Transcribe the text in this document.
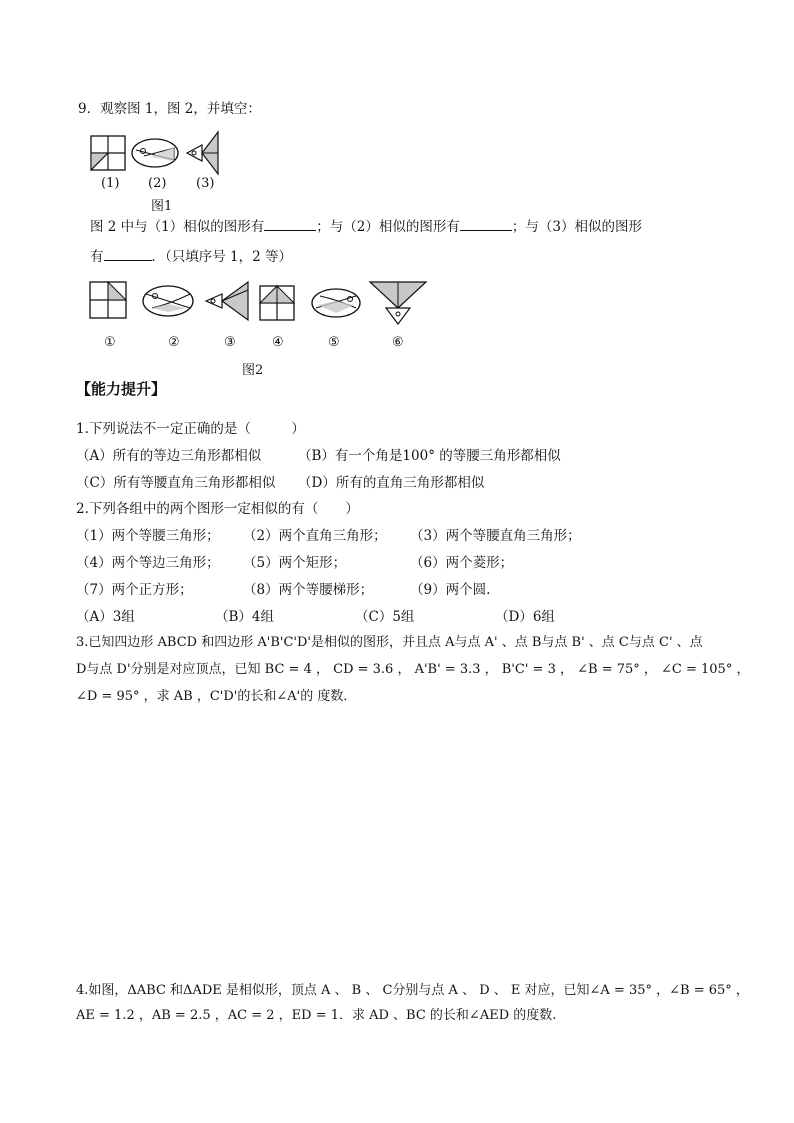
9．观察图 1，图 2，并填空：
(1) (2) (3)
图1
图 2 中与（1）相似的图形有	；与（2）相似的图形有	；与（3）相似的图形
有	．（只填序号 1，2 等）
①	②	③	④	⑤	⑥
图2
【能力提升】
1.下列说法不一定正确的是（　　　）
（A）所有的等边三角形都相似	（B）有一个角是100° 的等腰三角形都相似
（C）所有等腰直角三角形都相似 （D）所有的直角三角形都相似
2.下列各组中的两个图形一定相似的有（　　）
（1）两个等腰三角形； （2）两个直角三角形； （3）两个等腰直角三角形；
（4）两个等边三角形； （5）两个矩形；	（6）两个菱形；
（7）两个正方形；	（8）两个等腰梯形；	（9）两个圆.
（A）3组	（B）4组	（C）5组	（D）6组
3.已知四边形 ABCD 和四边形 A'B'C'D'是相似的图形，并且点 A与点 A' 、点 B与点 B' 、点 C与点 C' 、点
D与点 D'分别是对应顶点，已知 BC = 4 ， CD = 3.6 ， A'B' = 3.3 ， B'C' = 3 ， ∠B = 75° ， ∠C = 105° ，
∠D = 95° ，求 AB ，C'D'的长和∠A'的 度数．
4.如图，ΔABC 和ΔADE 是相似形，顶点 A 、 B 、 C分别与点 A 、 D 、 E 对应，已知∠A = 35° ，∠B = 65° ，
AE = 1.2 ，AB = 2.5 ，AC = 2 ，ED = 1．求 AD 、BC 的长和∠AED 的度数.
